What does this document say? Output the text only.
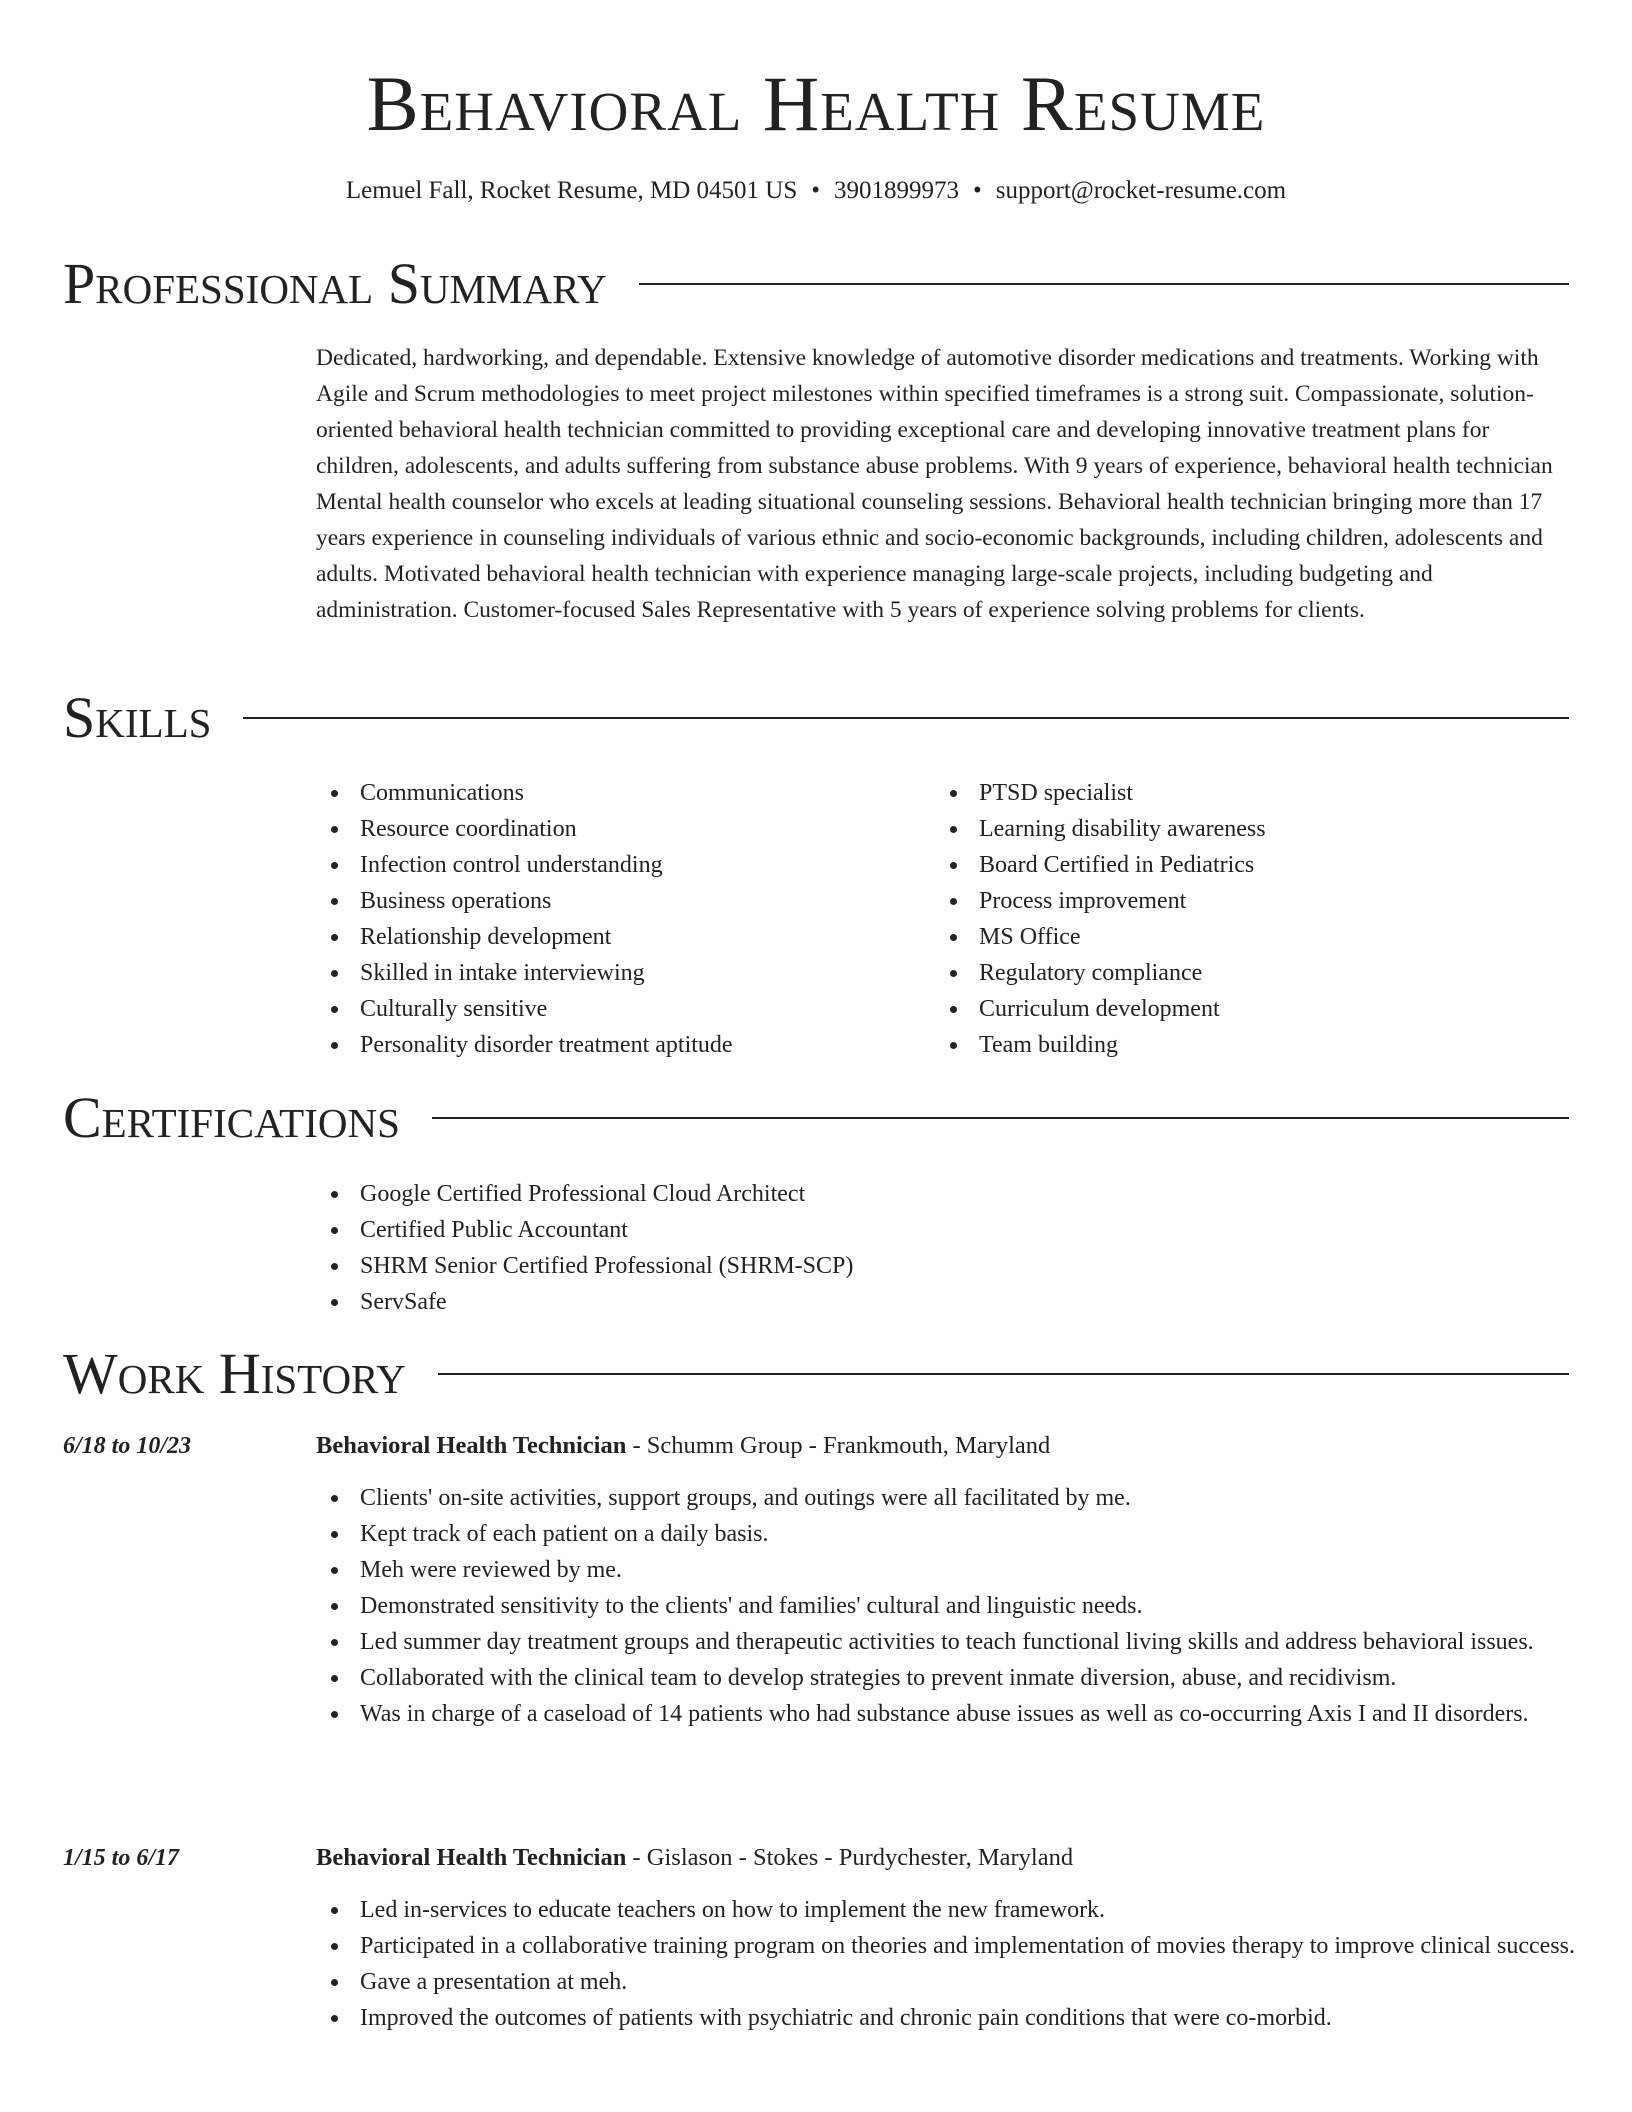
Behavioral Health Resume
Lemuel Fall, Rocket Resume, MD 04501 US • 3901899973 • support@rocket-resume.com
Professional Summary

Dedicated, hardworking, and dependable. Extensive knowledge of automotive disorder medications and treatments. Working with Agile and Scrum methodologies to meet project milestones within specified timeframes is a strong suit. Compassionate, solution-oriented behavioral health technician committed to providing exceptional care and developing innovative treatment plans for children, adolescents, and adults suffering from substance abuse problems. With 9 years of experience, behavioral health technician Mental health counselor who excels at leading situational counseling sessions. Behavioral health technician bringing more than 17 years experience in counseling individuals of various ethnic and socio-economic backgrounds, including children, adolescents and adults. Motivated behavioral health technician with experience managing large-scale projects, including budgeting and administration. Customer-focused Sales Representative with 5 years of experience solving problems for clients.

Skills
Communications
Resource coordination
Infection control understanding
Business operations
Relationship development
Skilled in intake interviewing
Culturally sensitive
Personality disorder treatment aptitude
PTSD specialist
Learning disability awareness
Board Certified in Pediatrics
Process improvement
MS Office
Regulatory compliance
Curriculum development
Team building
Certifications
Google Certified Professional Cloud Architect
Certified Public Accountant
SHRM Senior Certified Professional (SHRM-SCP)
ServSafe
Work History
6/18 to 10/23	Behavioral Health Technician - Schumm Group - Frankmouth, Maryland
Clients' on-site activities, support groups, and outings were all facilitated by me.
Kept track of each patient on a daily basis.
Meh were reviewed by me.
Demonstrated sensitivity to the clients' and families' cultural and linguistic needs.
Led summer day treatment groups and therapeutic activities to teach functional living skills and address behavioral issues.
Collaborated with the clinical team to develop strategies to prevent inmate diversion, abuse, and recidivism.
Was in charge of a caseload of 14 patients who had substance abuse issues as well as co-occurring Axis I and II disorders.
1/15 to 6/17	Behavioral Health Technician - Gislason - Stokes - Purdychester, Maryland
Led in-services to educate teachers on how to implement the new framework.
Participated in a collaborative training program on theories and implementation of movies therapy to improve clinical success.
Gave a presentation at meh.
Improved the outcomes of patients with psychiatric and chronic pain conditions that were co-morbid.
